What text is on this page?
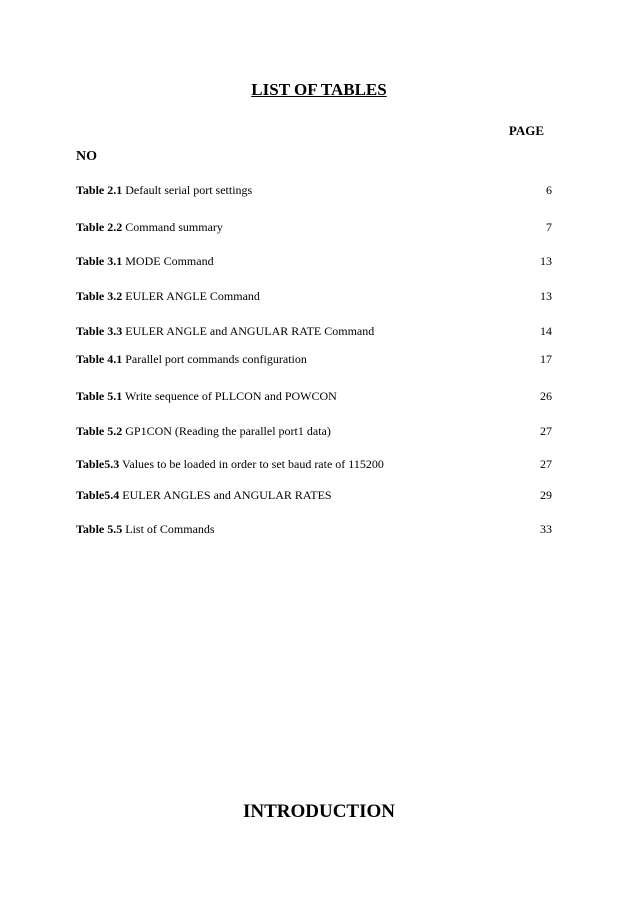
LIST OF TABLES
PAGE
NO
Table 2.1 Default serial port settings	6
Table 2.2 Command summary	7
Table 3.1 MODE Command	13
Table 3.2 EULER ANGLE Command	13
Table 3.3 EULER ANGLE and ANGULAR RATE Command	14
Table 4.1 Parallel port commands configuration	17
Table 5.1 Write sequence of PLLCON and POWCON	26
Table 5.2 GP1CON (Reading the parallel port1 data)	27
Table5.3 Values to be loaded in order to set baud rate of 115200	27
Table5.4 EULER ANGLES and ANGULAR RATES	29
Table 5.5 List of Commands	33
INTRODUCTION
